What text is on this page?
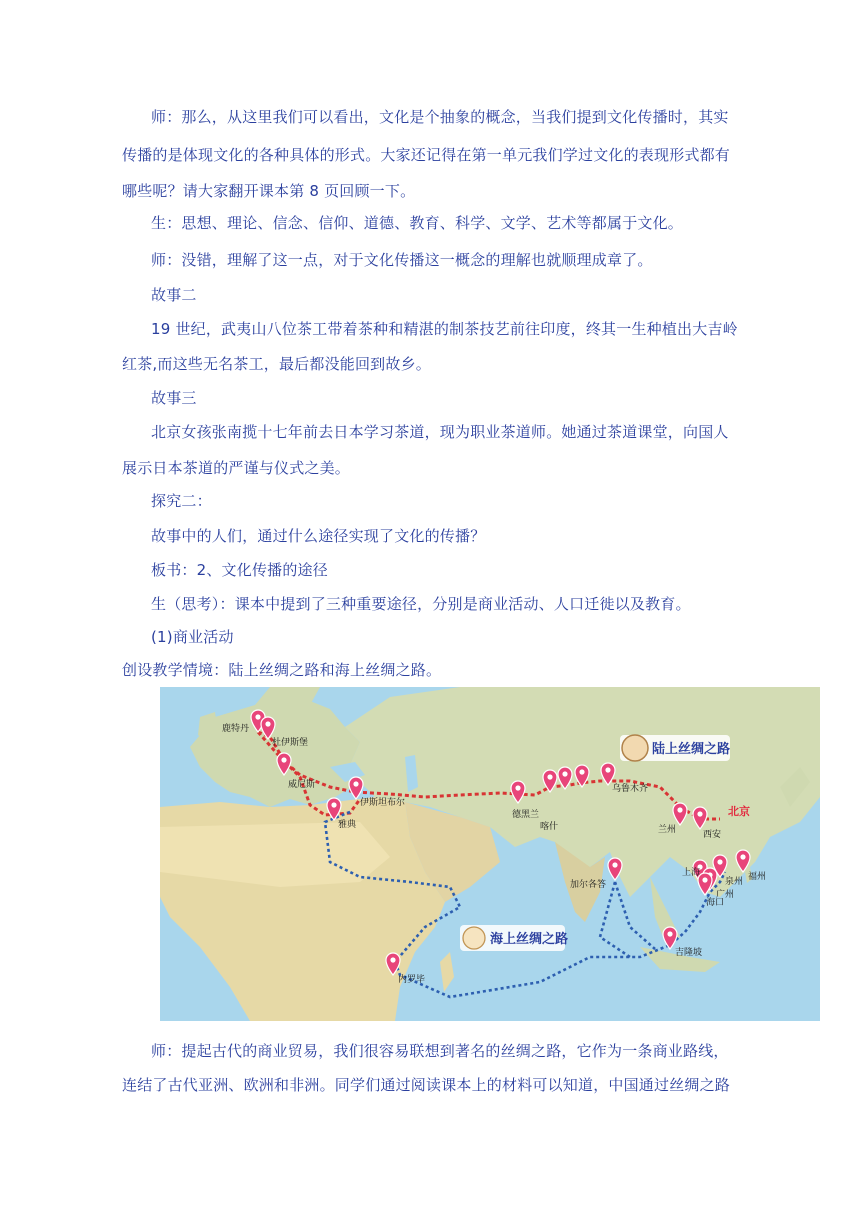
师：那么，从这里我们可以看出，文化是个抽象的概念，当我们提到文化传播时，其实
传播的是体现文化的各种具体的形式。大家还记得在第一单元我们学过文化的表现形式都有
哪些呢？请大家翻开课本第 8 页回顾一下。
生：思想、理论、信念、信仰、道德、教育、科学、文学、艺术等都属于文化。
师：没错，理解了这一点，对于文化传播这一概念的理解也就顺理成章了。
故事二
19 世纪，武夷山八位茶工带着茶种和精湛的制茶技艺前往印度，终其一生种植出大吉岭
红茶,而这些无名茶工，最后都没能回到故乡。
故事三
北京女孩张南揽十七年前去日本学习茶道，现为职业茶道师。她通过茶道课堂，向国人
展示日本茶道的严谨与仪式之美。
探究二：
故事中的人们，通过什么途径实现了文化的传播？
板书：2、文化传播的途径
生（思考）：课本中提到了三种重要途径，分别是商业活动、人口迁徙以及教育。
(1)商业活动
创设教学情境：陆上丝绸之路和海上丝绸之路。
陆上丝绸之路
海上丝绸之路
北京
鹿特丹
杜伊斯堡
威尼斯
伊斯坦布尔
雅典
德黑兰
喀什
乌鲁木齐
兰州	西安
加尔各答
上海
泉州 福州
广州
海口
吉隆坡
内罗毕
师：提起古代的商业贸易，我们很容易联想到著名的丝绸之路，它作为一条商业路线，
连结了古代亚洲、欧洲和非洲。同学们通过阅读课本上的材料可以知道，中国通过丝绸之路
